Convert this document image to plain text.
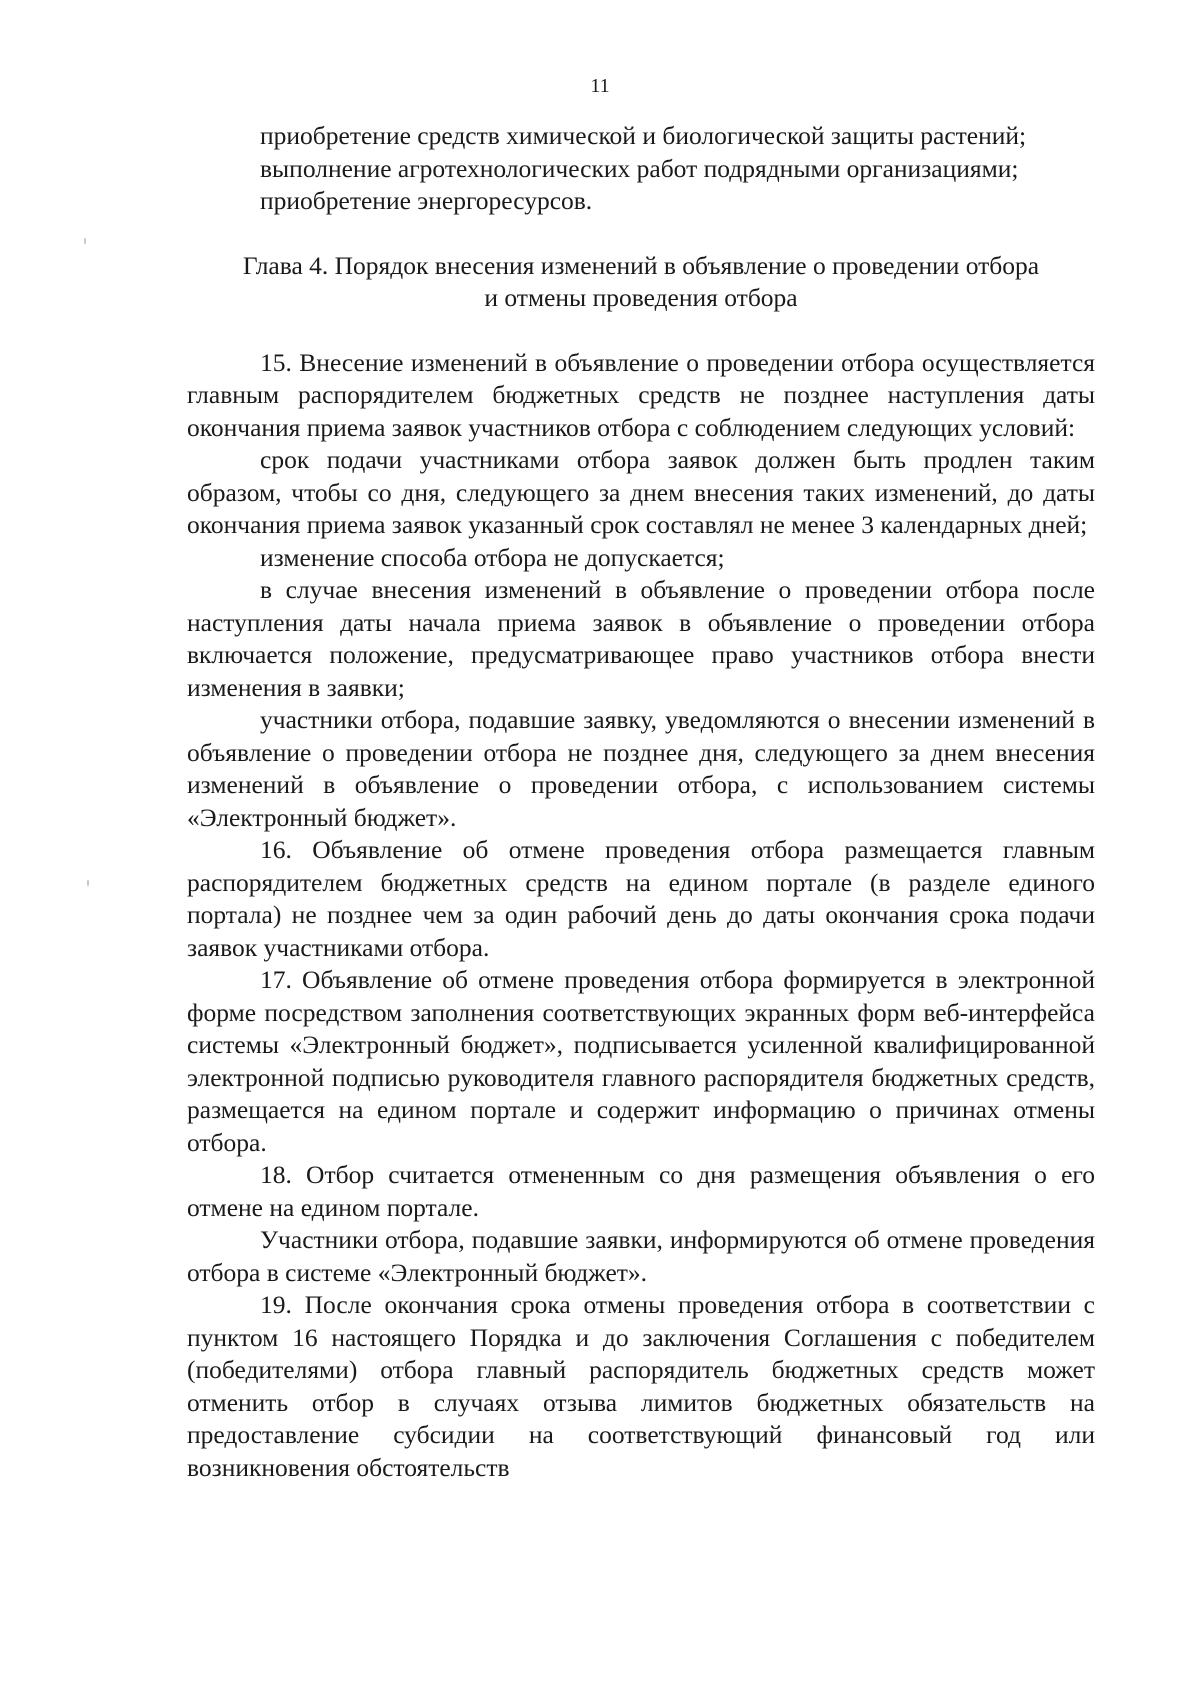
11

приобретение средств химической и биологической защиты растений;

выполнение агротехнологических работ подрядными организациями;

приобретение энергоресурсов.

Глава 4. Порядок внесения изменений в объявление о проведении отбора
и отмены проведения отбора

15. Внесение изменений в объявление о проведении отбора осуществляется главным распорядителем бюджетных средств не позднее наступления даты окончания приема заявок участников отбора с соблюдением следующих условий:

срок подачи участниками отбора заявок должен быть продлен таким образом, чтобы со дня, следующего за днем внесения таких изменений, до даты окончания приема заявок указанный срок составлял не менее 3 календарных дней;

изменение способа отбора не допускается;

в случае внесения изменений в объявление о проведении отбора после наступления даты начала приема заявок в объявление о проведении отбора включается положение, предусматривающее право участников отбора внести изменения в заявки;

участники отбора, подавшие заявку, уведомляются о внесении изменений в объявление о проведении отбора не позднее дня, следующего за днем внесения изменений в объявление о проведении отбора, с использованием системы «Электронный бюджет».

16. Объявление об отмене проведения отбора размещается главным распорядителем бюджетных средств на едином портале (в разделе единого портала) не позднее чем за один рабочий день до даты окончания срока подачи заявок участниками отбора.

17. Объявление об отмене проведения отбора формируется в электронной форме посредством заполнения соответствующих экранных форм веб-интерфейса системы «Электронный бюджет», подписывается усиленной квалифицированной электронной подписью руководителя главного распорядителя бюджетных средств, размещается на едином портале и содержит информацию о причинах отмены отбора.

18. Отбор считается отмененным со дня размещения объявления о его отмене на едином портале.

Участники отбора, подавшие заявки, информируются об отмене проведения отбора в системе «Электронный бюджет».

19. После окончания срока отмены проведения отбора в соответствии с пунктом 16 настоящего Порядка и до заключения Соглашения с победителем (победителями) отбора главный распорядитель бюджетных средств может отменить отбор в случаях отзыва лимитов бюджетных обязательств на предоставление субсидии на соответствующий финансовый год или возникновения обстоятельств
